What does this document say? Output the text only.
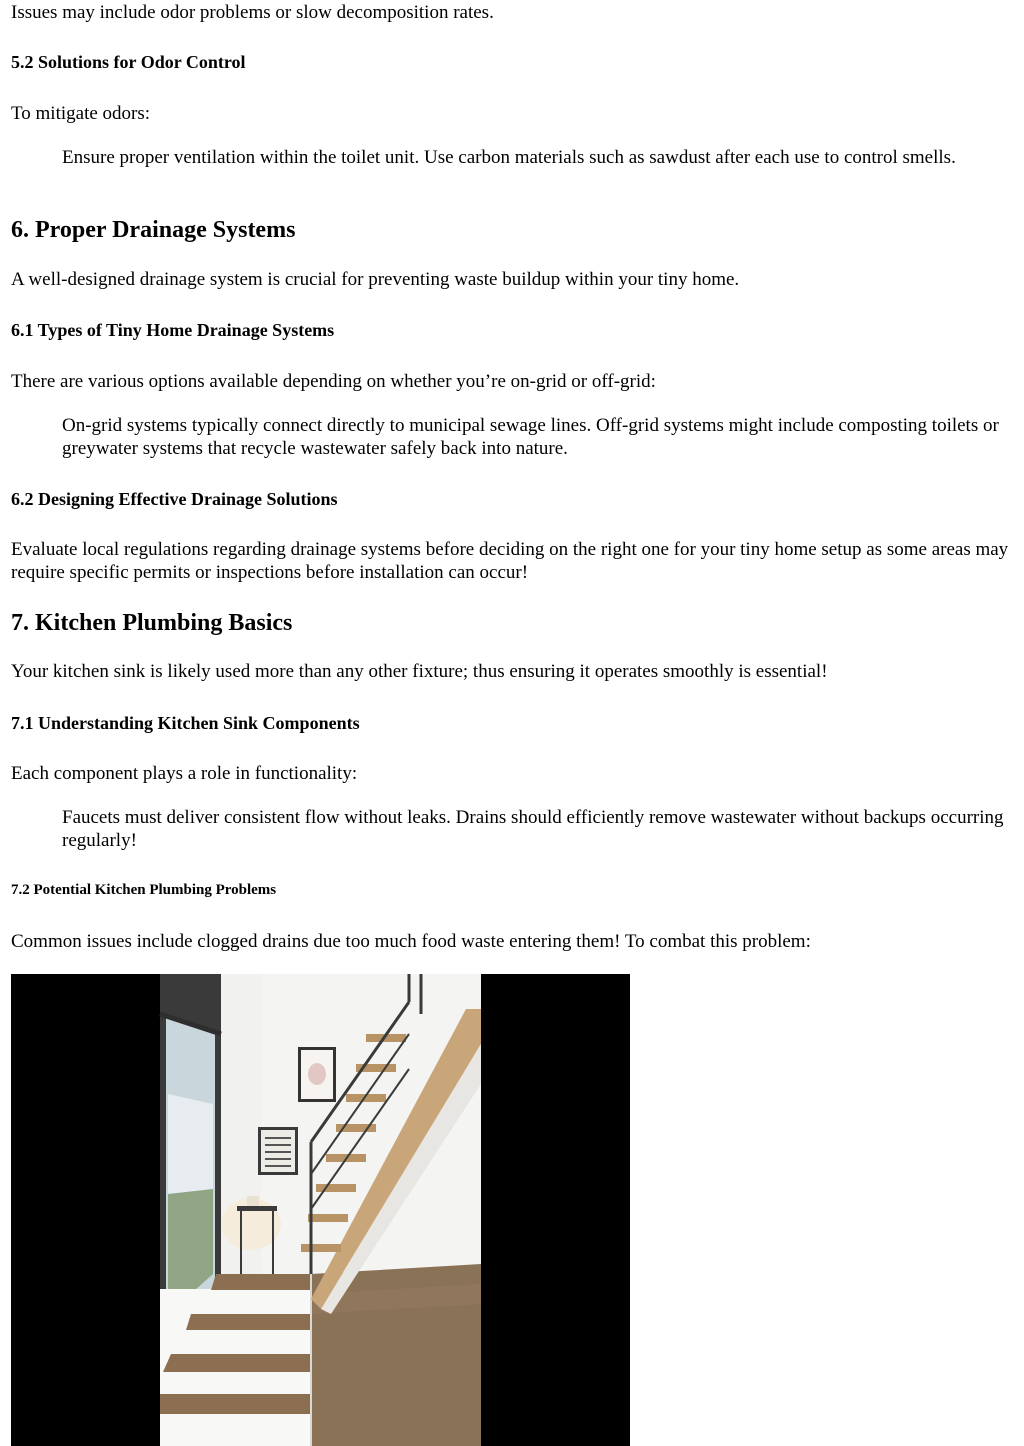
Issues may include odor problems or slow decomposition rates.

5.2 Solutions for Odor Control

To mitigate odors:

Ensure proper ventilation within the toilet unit. Use carbon materials such as sawdust after each use to control smells.
6. Proper Drainage Systems

A well-designed drainage system is crucial for preventing waste buildup within your tiny home.

6.1 Types of Tiny Home Drainage Systems

There are various options available depending on whether you’re on-grid or off-grid:

On-grid systems typically connect directly to municipal sewage lines. Off-grid systems might include composting toilets or greywater systems that recycle wastewater safely back into nature.
6.2 Designing Effective Drainage Solutions

Evaluate local regulations regarding drainage systems before deciding on the right one for your tiny home setup as some areas may require specific permits or inspections before installation can occur!

7. Kitchen Plumbing Basics

Your kitchen sink is likely used more than any other fixture; thus ensuring it operates smoothly is essential!

7.1 Understanding Kitchen Sink Components

Each component plays a role in functionality:

Faucets must deliver consistent flow without leaks. Drains should efficiently remove wastewater without backups occurring regularly!
7.2 Potential Kitchen Plumbing Problems

Common issues include clogged drains due too much food waste entering them! To combat this problem:
